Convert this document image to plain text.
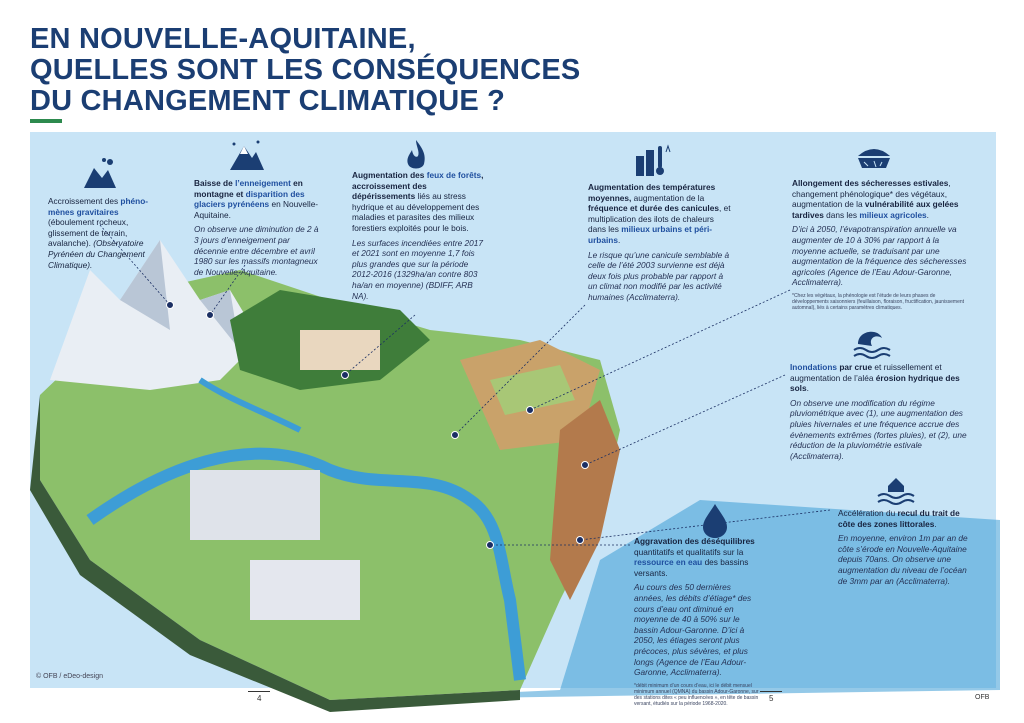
EN NOUVELLE-AQUITAINE,
QUELLES SONT LES CONSÉQUENCES
DU CHANGEMENT CLIMATIQUE ?
Accroissement des phéno-mènes gravitaires (éboulement rocheux, glissement de terrain, avalanche). (Observatoire Pyrénéen du Changement Climatique).
Baisse de l’enneigement en montagne et disparition des glaciers pyrénéens en Nouvelle-Aquitaine.

On observe une diminution de 2 à 3 jours d’enneigement par décennie entre décembre et avril 1980 sur les massifs montagneux de Nouvelle-Aquitaine.

Augmentation des feux de forêts, accroissement des dépérissements liés au stress hydrique et au développement des maladies et parasites des milieux forestiers exploités pour le bois.

Les surfaces incendiées entre 2017 et 2021 sont en moyenne 1,7 fois plus grandes que sur la période 2012-2016 (1329ha/an contre 803 ha/an en moyenne) (BDIFF, ARB NA).

Augmentation des températures moyennes, augmentation de la fréquence et durée des canicules, et multiplication des ilots de chaleurs dans les milieux urbains et péri-urbains.

Le risque qu’une canicule semblable à celle de l’été 2003 survienne est déjà deux fois plus probable par rapport à un climat non modifié par les activité humaines (Acclimaterra).

Allongement des sécheresses estivales, changement phénologique* des végétaux, augmentation de la vulnérabilité aux gelées tardives dans les milieux agricoles.

D’ici à 2050, l’évapotranspiration annuelle va augmenter de 10 à 30% par rapport à la moyenne actuelle, se traduisant par une augmentation de la fréquence des sécheresses agricoles (Agence de l’Eau Adour-Garonne, Acclimaterra).

*Chez les végétaux, la phénologie est l’étude de leurs phases de développements saisonniers (feuillaison, floraison, fructification, jaunissement automnal), liés à certains paramètres climatiques.
Inondations par crue et ruissellement et augmentation de l’aléa érosion hydrique des sols.

On observe une modification du régime pluviométrique avec (1), une augmentation des pluies hivernales et une fréquence accrue des évènements extrêmes (fortes pluies), et (2), une réduction de la pluviométrie estivale (Acclimaterra).

Accélération du recul du trait de côte des zones littorales.

En moyenne, environ 1m par an de côte s’érode en Nouvelle-Aquitaine depuis 70ans. On observe une augmentation du niveau de l’océan de 3mm par an (Acclimaterra).

Aggravation des déséquilibres quantitatifs et qualitatifs sur la ressource en eau des bassins versants.

Au cours des 50 dernières années, les débits d’étiage* des cours d’eau ont diminué en moyenne de 40 à 50% sur le bassin Adour-Garonne. D’ici à 2050, les étiages seront plus précoces, plus sévères, et plus longs (Agence de l’Eau Adour-Garonne, Acclimaterra).

*débit minimum d’un cours d’eau, ici le débit mensuel minimum annuel (QMNA) du bassin Adour-Garonne, sur des stations dites « peu influencées », en tête de bassin versant, étudiés sur la période 1968-2020.
© OFB / eDeo-design
4	5	OFB
